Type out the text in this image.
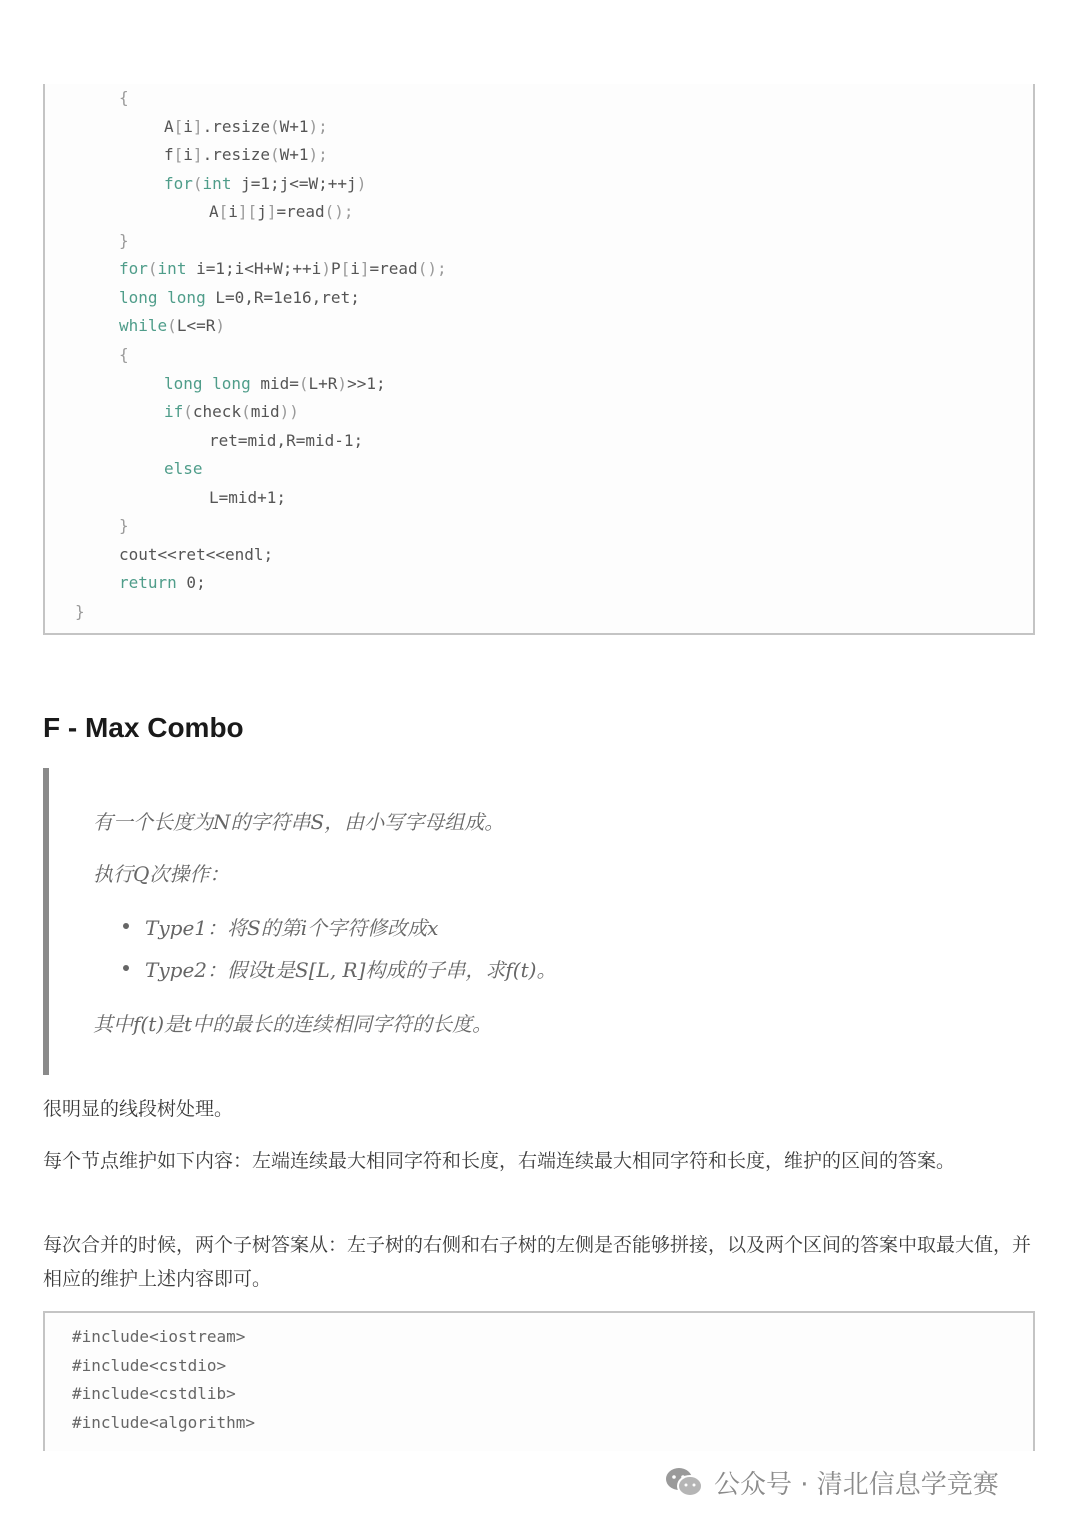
{
A[i].resize(W+1);
f[i].resize(W+1);
for(int j=1;j<=W;++j)
A[i][j]=read();
}
for(int i=1;i<H+W;++i)P[i]=read();
long long L=0,R=1e16,ret;
while(L<=R)
{
long long mid=(L+R)>>1;
if(check(mid))
ret=mid,R=mid-1;
else
L=mid+1;
}
cout<<ret<<endl;
return 0;
}
F - Max Combo
有一个长度为N的字符串S，由小写字母组成。
执行Q次操作：
Type1：将S的第i个字符修改成x
Type2：假设t是S[L, R]构成的子串，求f(t)。
其中f(t)是t中的最长的连续相同字符的长度。

很明显的线段树处理。

每个节点维护如下内容：左端连续最大相同字符和长度，右端连续最大相同字符和长度，维护的区间的答案。

每次合并的时候，两个子树答案从：左子树的右侧和右子树的左侧是否能够拼接，以及两个区间的答案中取最大值，并相应的维护上述内容即可。

#include<iostream>
#include<cstdio>
#include<cstdlib>
#include<algorithm>
公众号 · 清北信息学竞赛
